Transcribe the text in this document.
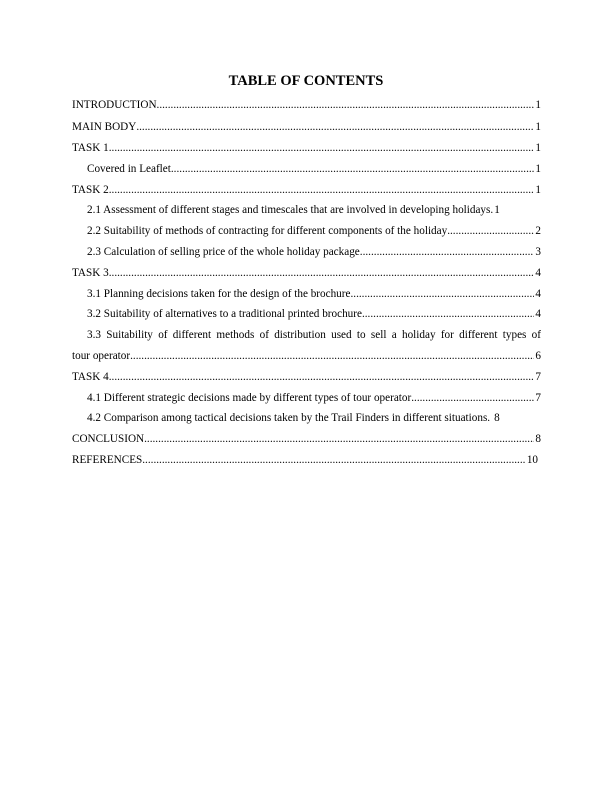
TABLE OF CONTENTS
INTRODUCTION .....	1
MAIN BODY .....	1
TASK 1 .....	1
Covered in Leaflet .....	1
TASK 2 .....	1
2.1 Assessment of different stages and timescales that are involved in developing holidays. 1
2.2 Suitability of methods of contracting for different components of the holiday .....	2
2.3 Calculation of selling price of the whole holiday package .....	3
TASK 3 .....	4
3.1 Planning decisions taken for the design of the brochure .....	4
3.2 Suitability of alternatives to a traditional printed brochure .....	4
3.3 Suitability of different methods of distribution used to sell a holiday for different types of
tour operator .....	6
TASK 4 .....	7
4.1 Different strategic decisions made by different types of tour operator .....	7
4.2 Comparison among tactical decisions taken by the Trail Finders in different situations. 8
CONCLUSION .....	8
REFERENCES .....	10
